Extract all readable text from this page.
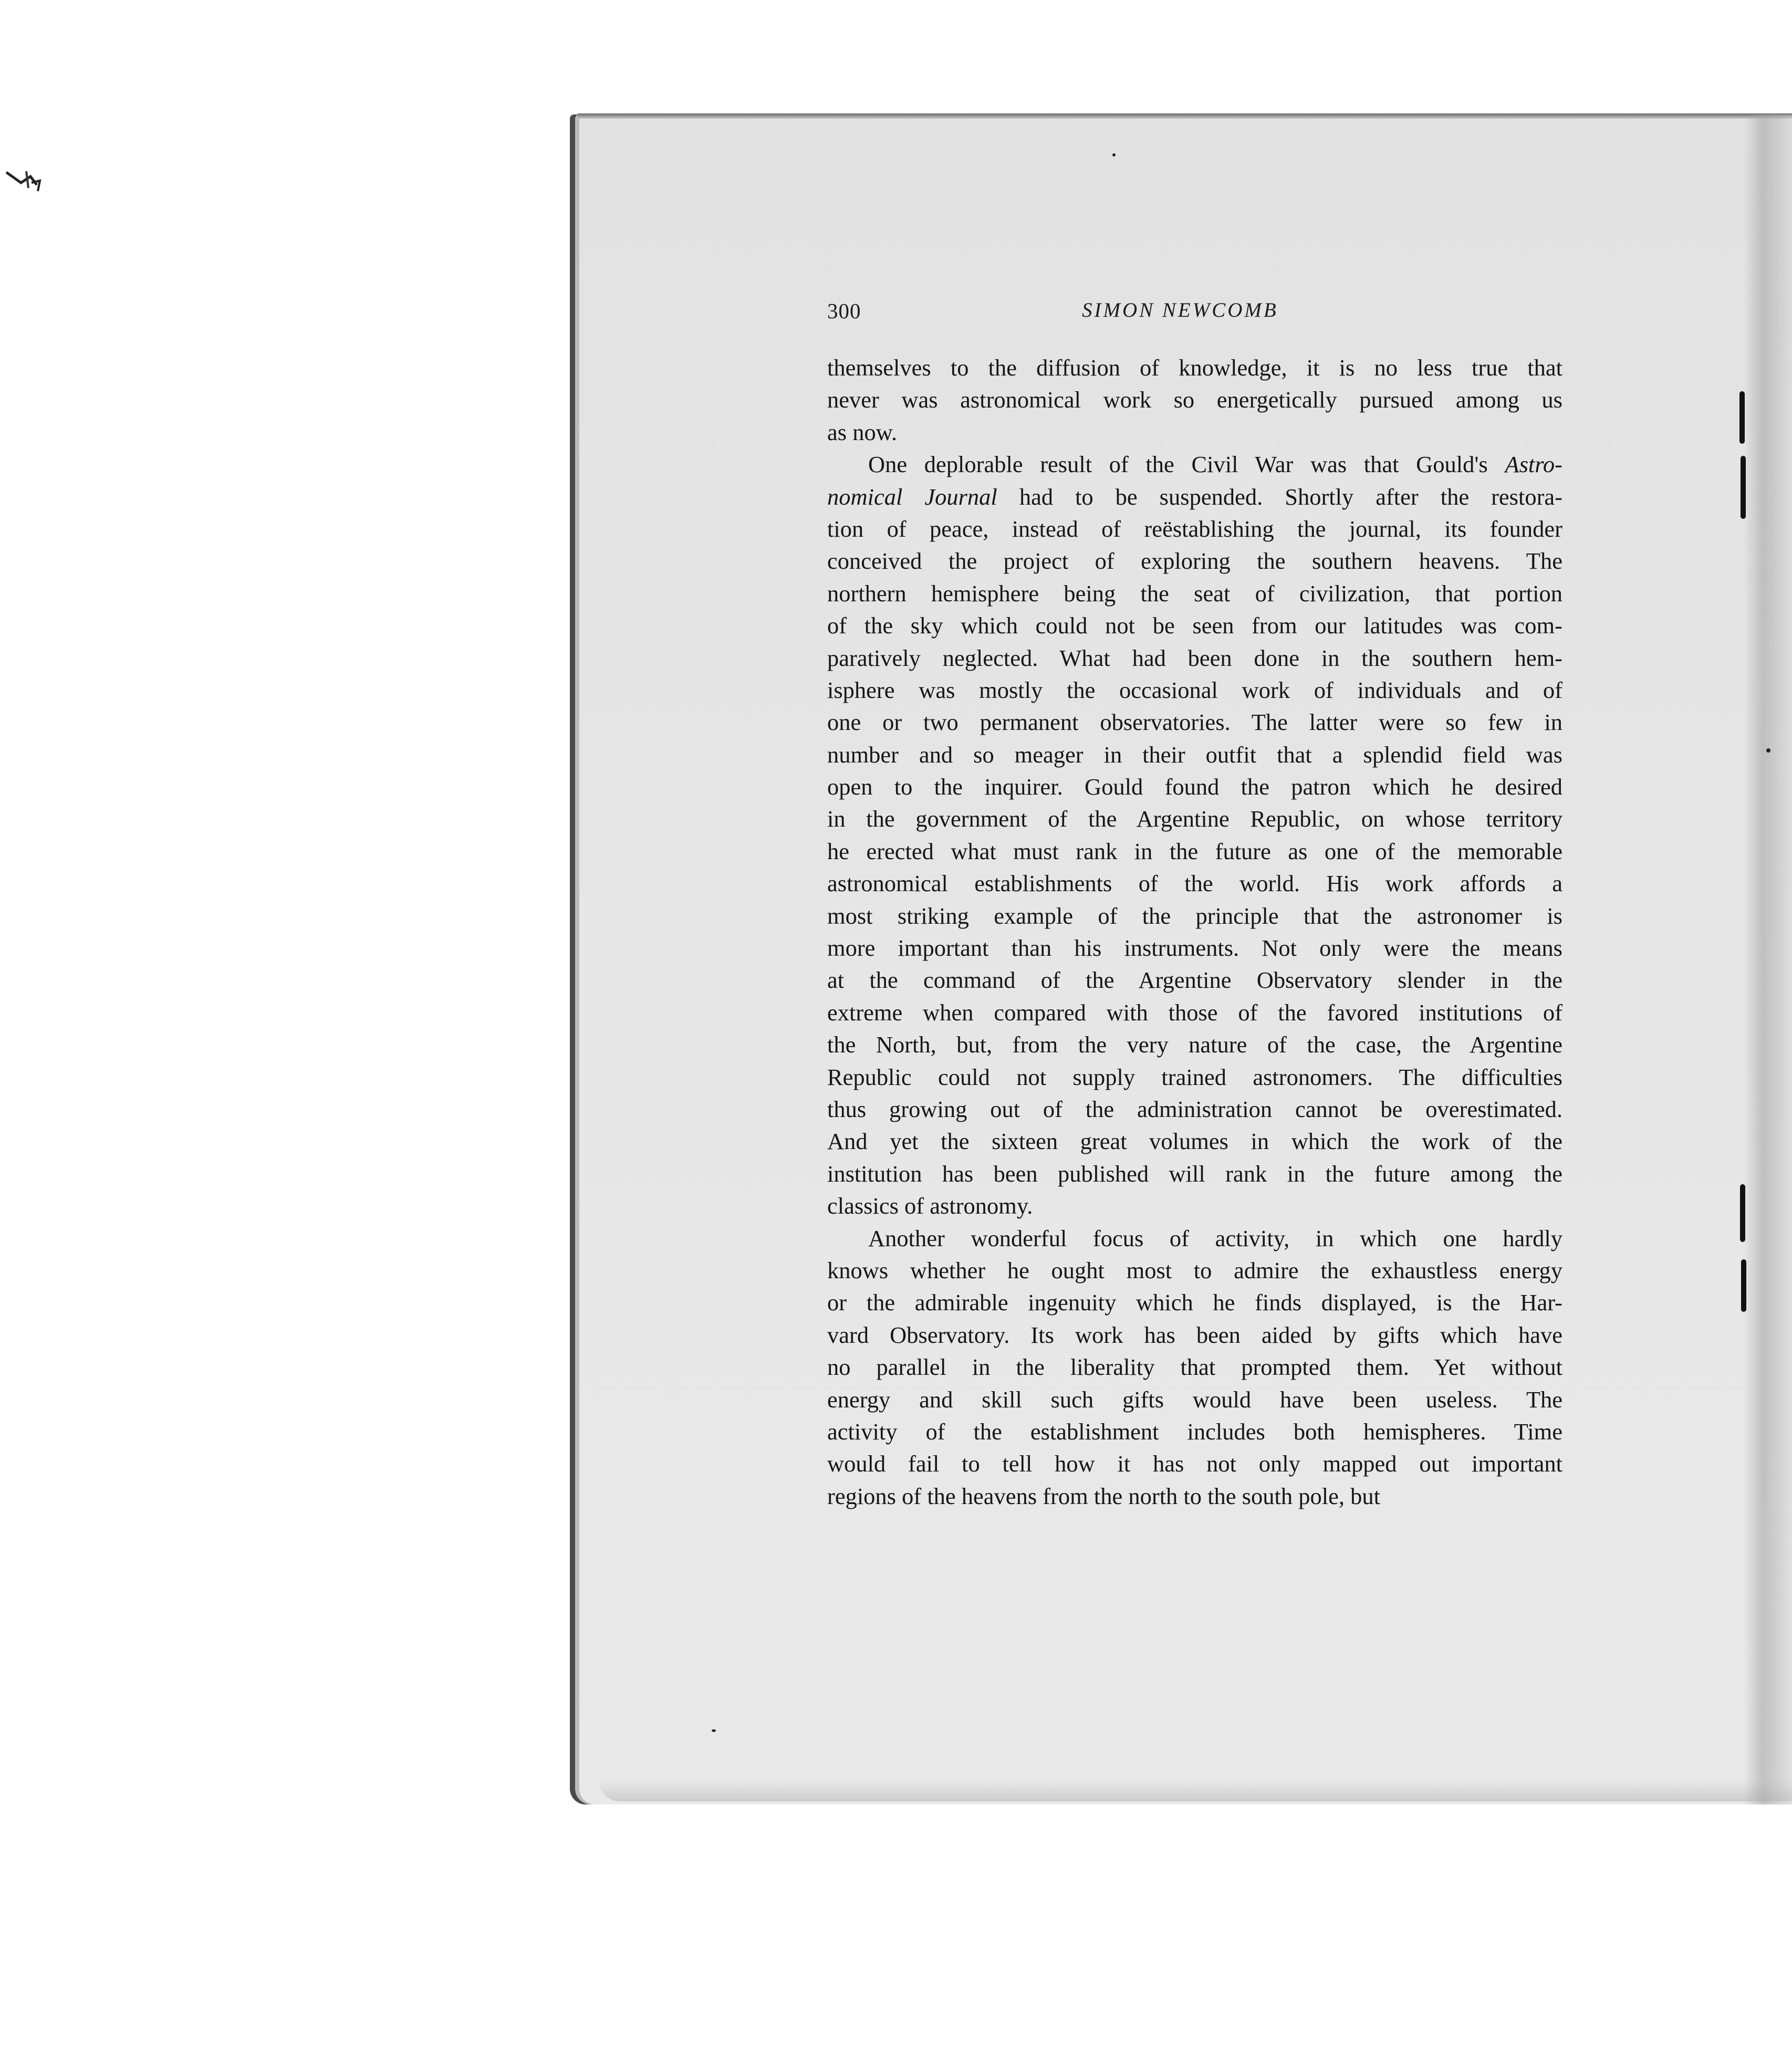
300	SIMON NEWCOMB
themselves to the diffusion of knowledge, it is no less true that
never was astronomical work so energetically pursued among us
as now.
One deplorable result of the Civil War was that Gould's Astro-
nomical Journal had to be suspended. Shortly after the restora-
tion of peace, instead of reëstablishing the journal, its founder
conceived the project of exploring the southern heavens. The
northern hemisphere being the seat of civilization, that portion
of the sky which could not be seen from our latitudes was com-
paratively neglected. What had been done in the southern hem-
isphere was mostly the occasional work of individuals and of
one or two permanent observatories. The latter were so few in
number and so meager in their outfit that a splendid field was
open to the inquirer. Gould found the patron which he desired
in the government of the Argentine Republic, on whose territory
he erected what must rank in the future as one of the memorable
astronomical establishments of the world. His work affords a
most striking example of the principle that the astronomer is
more important than his instruments. Not only were the means
at the command of the Argentine Observatory slender in the
extreme when compared with those of the favored institutions of
the North, but, from the very nature of the case, the Argentine
Republic could not supply trained astronomers. The difficulties
thus growing out of the administration cannot be overestimated.
And yet the sixteen great volumes in which the work of the
institution has been published will rank in the future among the
classics of astronomy.
Another wonderful focus of activity, in which one hardly
knows whether he ought most to admire the exhaustless energy
or the admirable ingenuity which he finds displayed, is the Har-
vard Observatory. Its work has been aided by gifts which have
no parallel in the liberality that prompted them. Yet without
energy and skill such gifts would have been useless. The
activity of the establishment includes both hemispheres. Time
would fail to tell how it has not only mapped out important
regions of the heavens from the north to the south pole, but
